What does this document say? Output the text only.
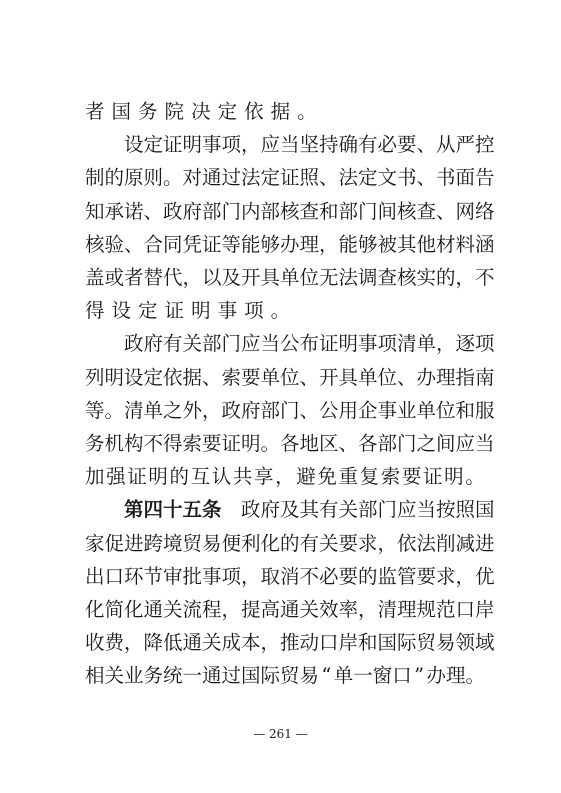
者 国 务 院 决 定 依 据 。
设 定 证 明 事 项 ， 应 当 坚 持 确 有 必 要 、 从 严 控
制 的 原 则 。 对 通 过 法 定 证 照 、 法 定 文 书 、 书 面 告
知 承 诺 、 政 府 部 门 内 部 核 查 和 部 门 间 核 查 、 网 络
核 验 、 合 同 凭 证 等 能 够 办 理 ， 能 够 被 其 他 材 料 涵
盖 或 者 替 代 ， 以 及 开 具 单 位 无 法 调 查 核 实 的 ， 不
得 设 定 证 明 事 项 。
政 府 有 关 部 门 应 当 公 布 证 明 事 项 清 单 ， 逐 项
列 明 设 定 依 据 、 索 要 单 位 、 开 具 单 位 、 办 理 指 南
等 。 清 单 之 外 ， 政 府 部 门 、 公 用 企 事 业 单 位 和 服
务 机 构 不 得 索 要 证 明 。 各 地 区 、 各 部 门 之 间 应 当
加 强 证 明 的 互 认 共 享 ， 避 免 重 复 索 要 证 明 。
第 四 十 五 条
　 政 府 及 其 有 关 部 门 应 当 按 照 国
家 促 进 跨 境 贸 易 便 利 化 的 有 关 要 求 ， 依 法 削 减 进
出 口 环 节 审 批 事 项 ， 取 消 不 必 要 的 监 管 要 求 ， 优
化 简 化 通 关 流 程 ， 提 高 通 关 效 率 ， 清 理 规 范 口 岸
收 费 ， 降 低 通 关 成 本 ， 推 动 口 岸 和 国 际 贸 易 领 域
相 关 业 务 统 一 通 过 国 际 贸 易 “ 单 一 窗 口 ” 办 理 。
— 261 —
